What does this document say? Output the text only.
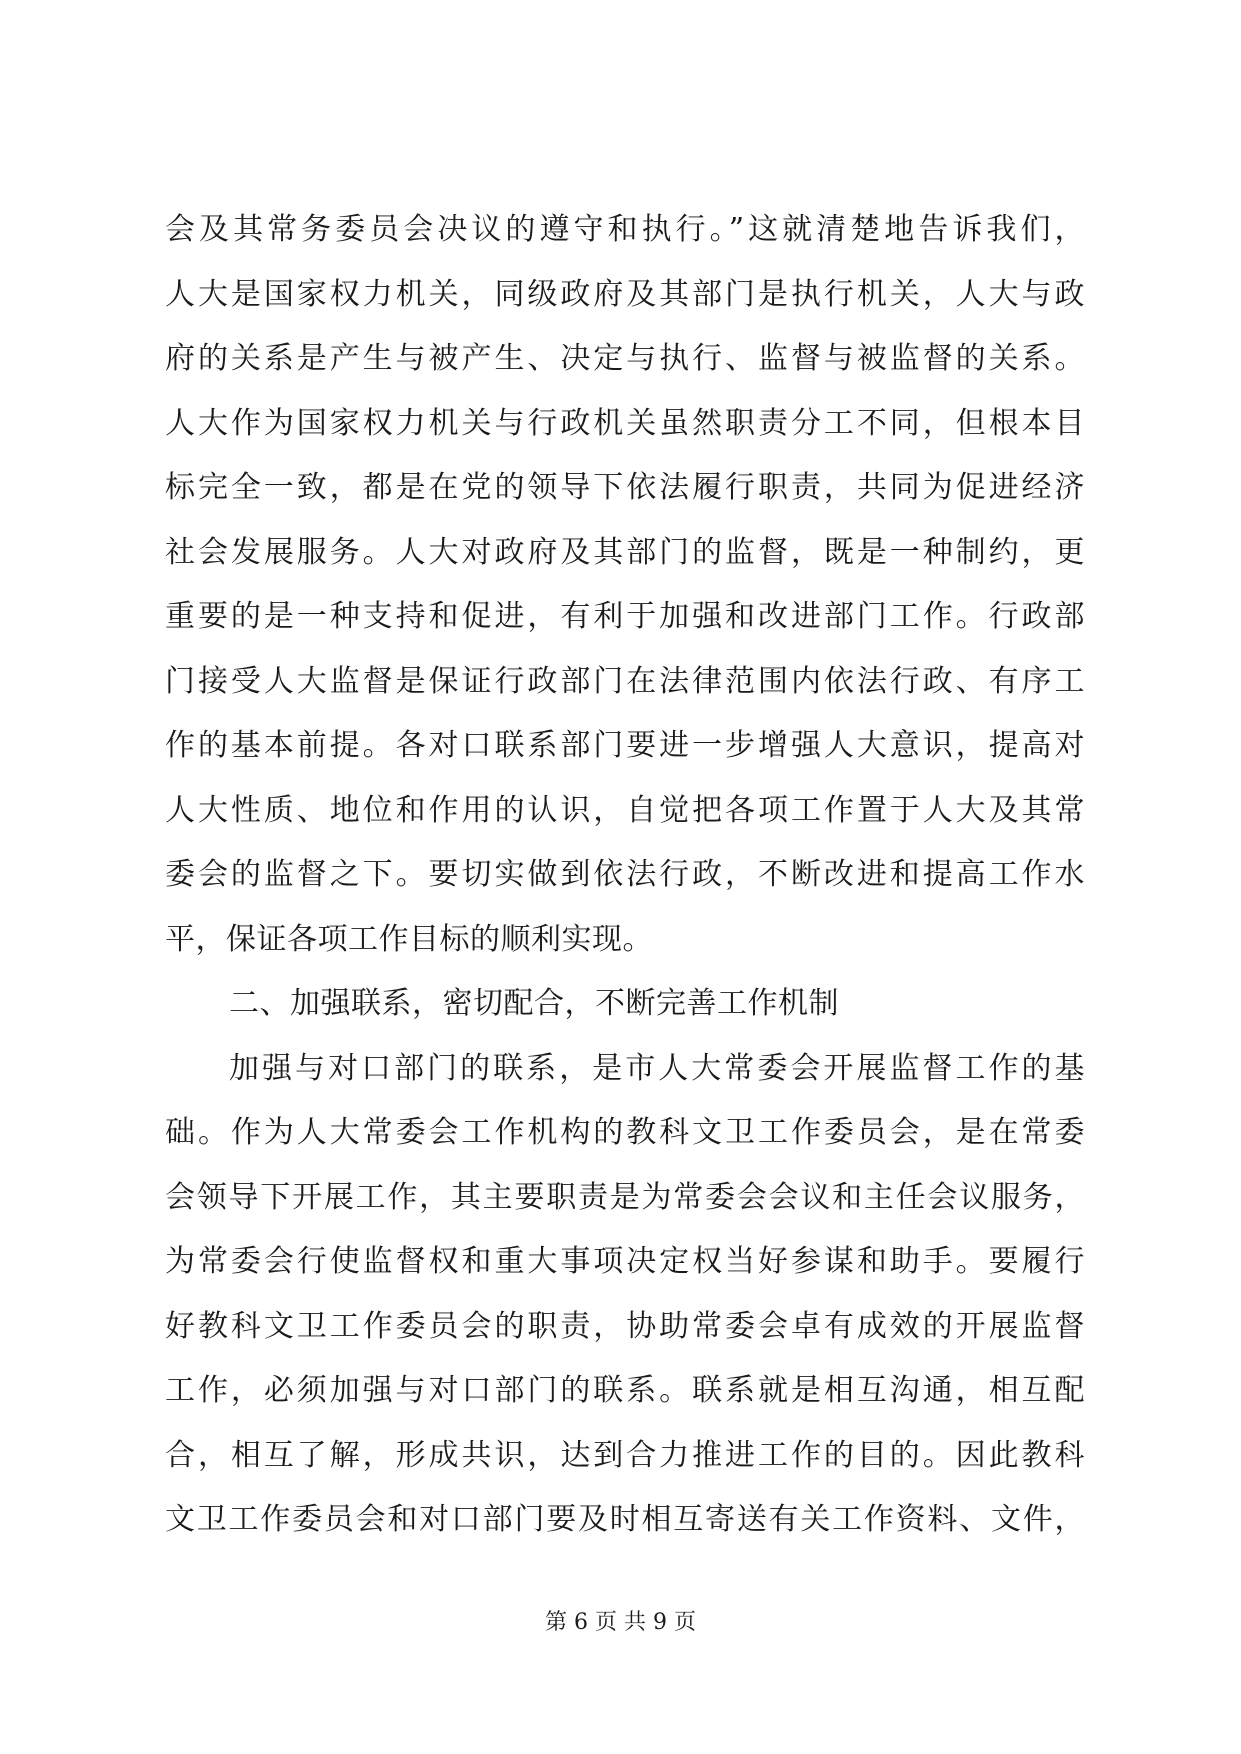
会及其常务委员会决议的遵守和执行。”这就清楚地告诉我们，
人大是国家权力机关，同级政府及其部门是执行机关，人大与政
府的关系是产生与被产生、决定与执行、监督与被监督的关系。
人大作为国家权力机关与行政机关虽然职责分工不同，但根本目
标完全一致，都是在党的领导下依法履行职责，共同为促进经济
社会发展服务。人大对政府及其部门的监督，既是一种制约，更
重要的是一种支持和促进，有利于加强和改进部门工作。行政部
门接受人大监督是保证行政部门在法律范围内依法行政、有序工
作的基本前提。各对口联系部门要进一步增强人大意识，提高对
人大性质、地位和作用的认识，自觉把各项工作置于人大及其常
委会的监督之下。要切实做到依法行政，不断改进和提高工作水
平，保证各项工作目标的顺利实现。
二、加强联系，密切配合，不断完善工作机制
加强与对口部门的联系，是市人大常委会开展监督工作的基
础。作为人大常委会工作机构的教科文卫工作委员会，是在常委
会领导下开展工作，其主要职责是为常委会会议和主任会议服务，
为常委会行使监督权和重大事项决定权当好参谋和助手。要履行
好教科文卫工作委员会的职责，协助常委会卓有成效的开展监督
工作，必须加强与对口部门的联系。联系就是相互沟通，相互配
合，相互了解，形成共识，达到合力推进工作的目的。因此教科
文卫工作委员会和对口部门要及时相互寄送有关工作资料、文件，
第 6 页 共 9 页
